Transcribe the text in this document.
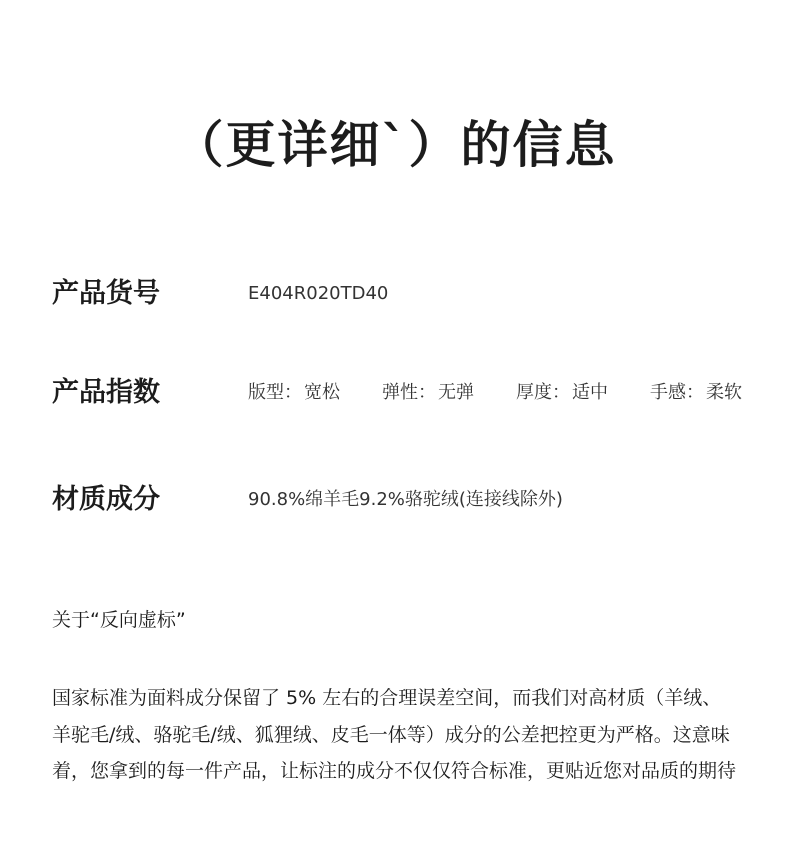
（更详细`）的信息
产品货号	E404R020TD40
产品指数	版型： 宽松 弹性： 无弹 厚度： 适中 手感： 柔软
材质成分	90.8%绵羊毛9.2%骆驼绒(连接线除外)
关于“反向虚标”
国家标准为面料成分保留了 5% 左右的合理误差空间，而我们对高材质（羊绒、羊驼毛/绒、骆驼毛/绒、狐狸绒、皮毛一体等）成分的公差把控更为严格。这意味着，您拿到的每一件产品，让标注的成分不仅仅符合标准，更贴近您对品质的期待
